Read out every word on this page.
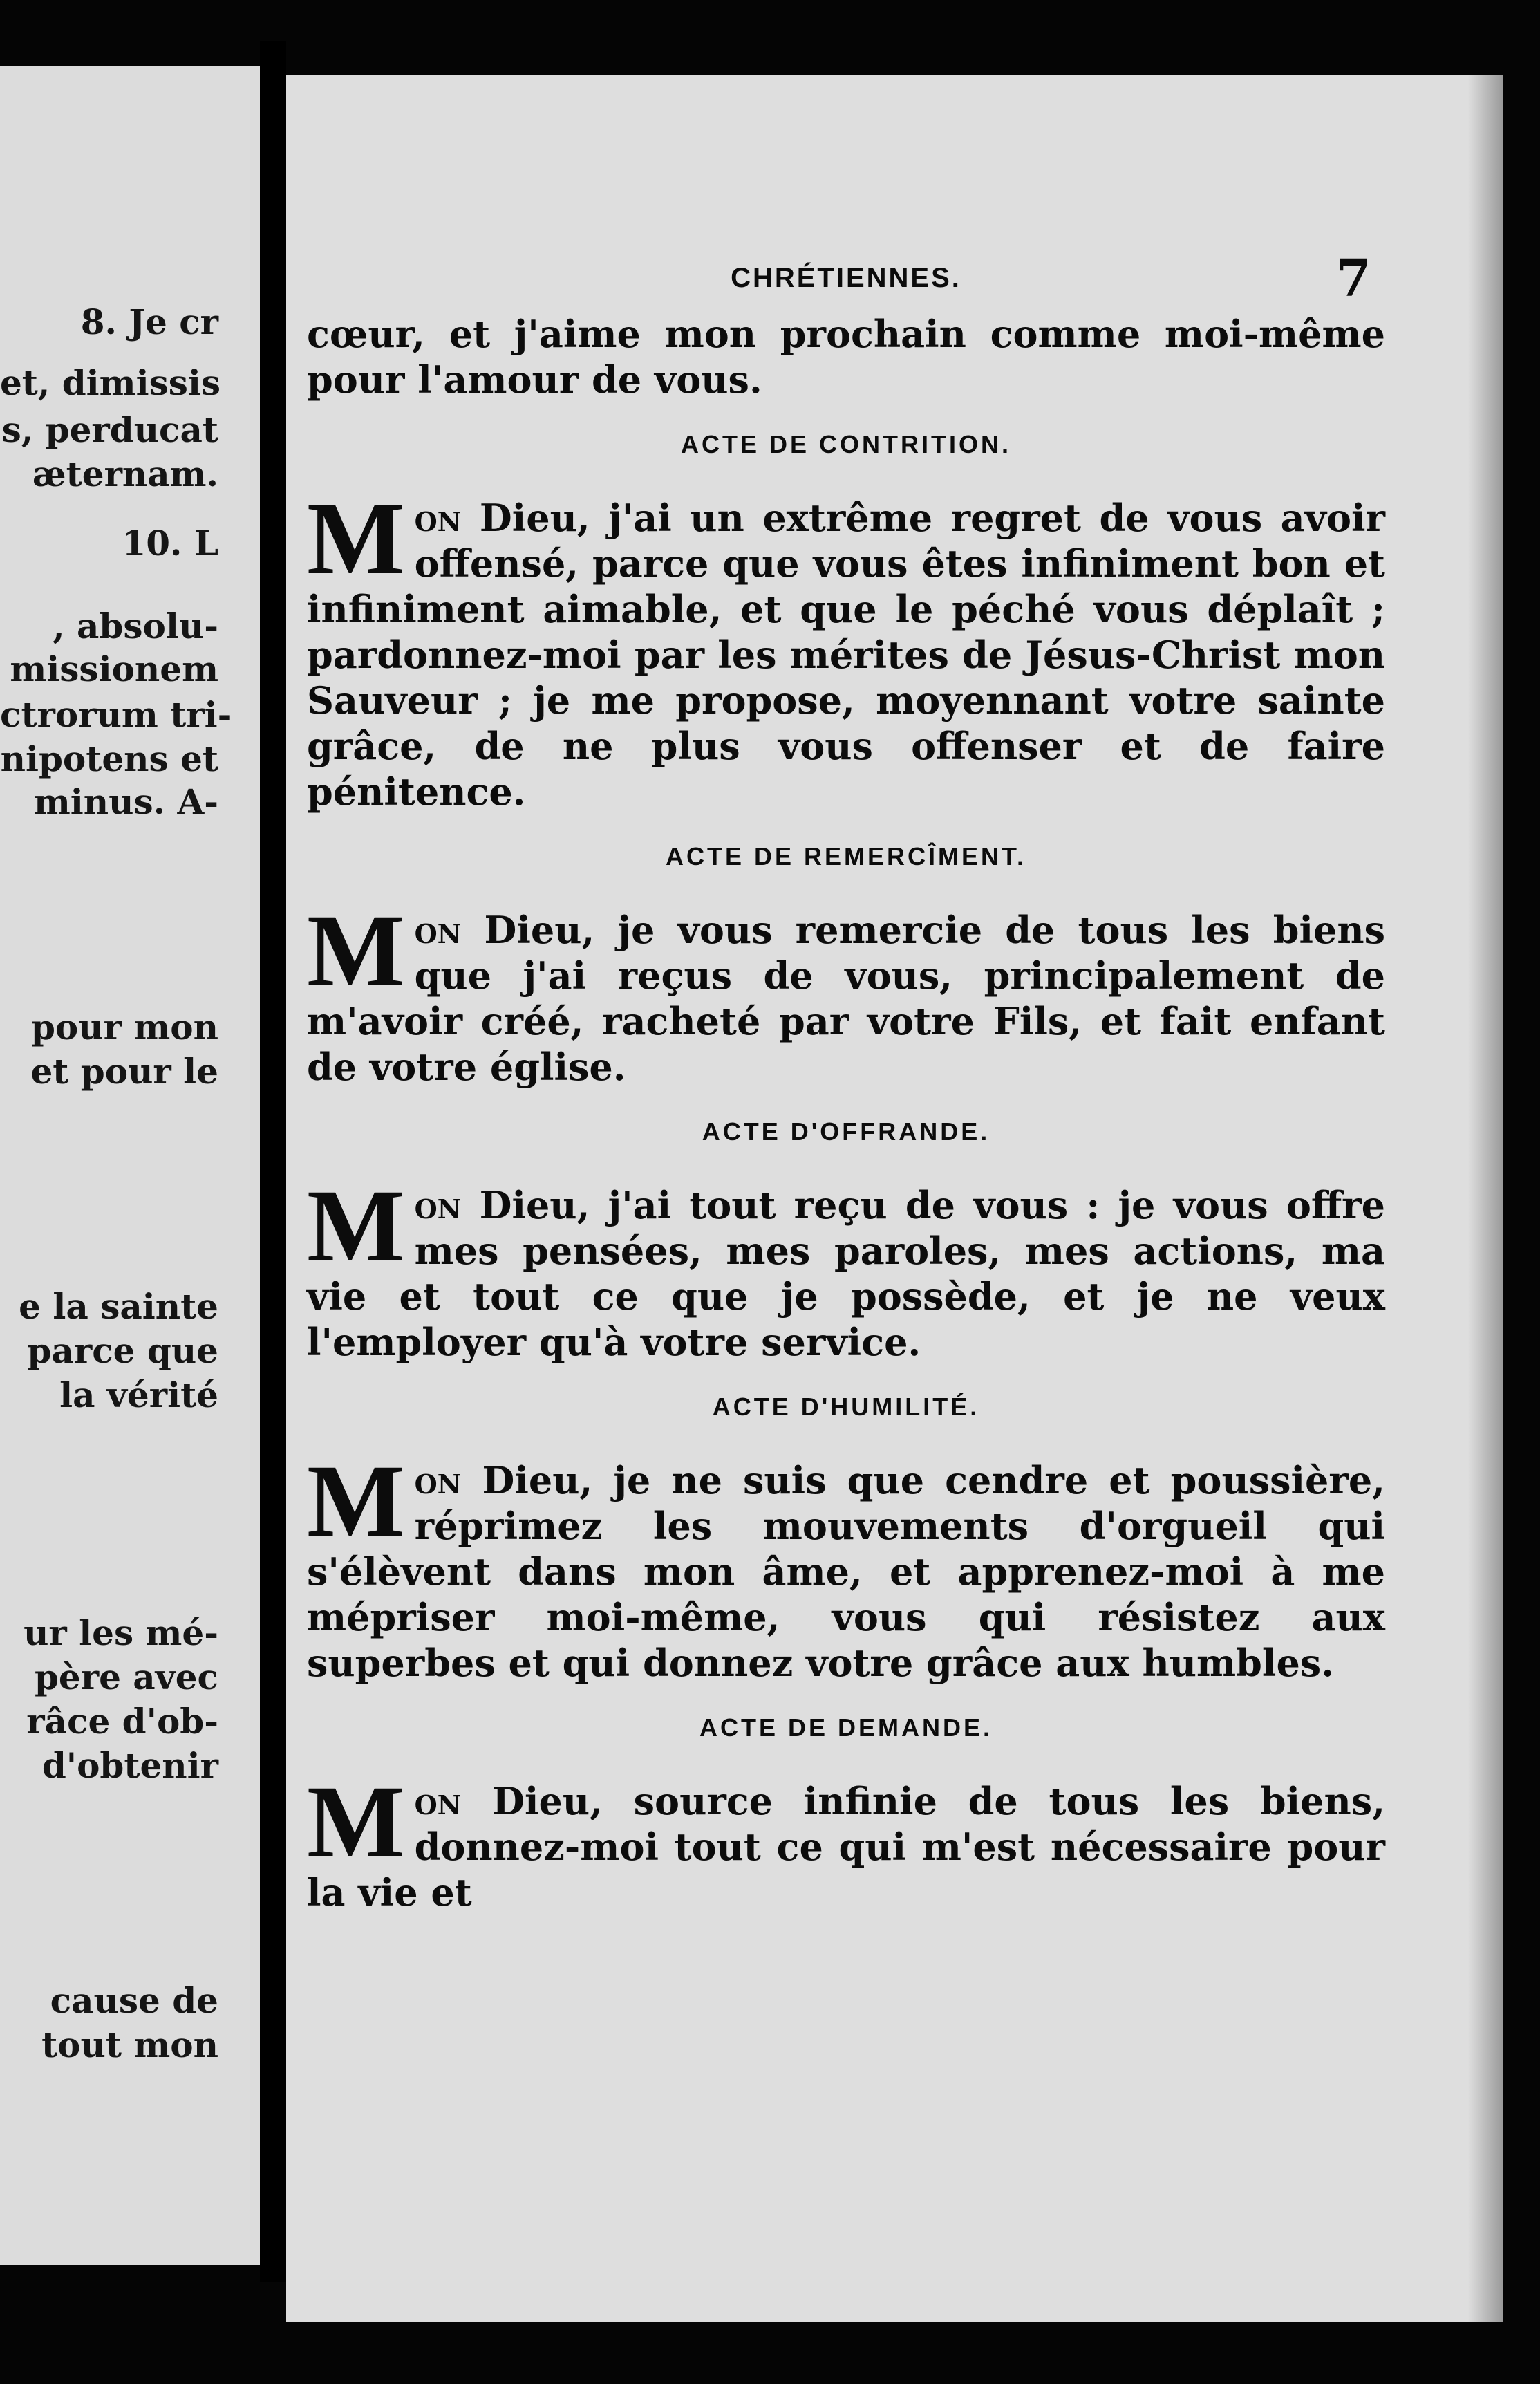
8. Je cr
et, dimissis
s, perducat
æternam.
10. L
, absolu-
missionem
ctrorum tri-
nipotens et
minus. A-
pour mon
et pour le
e la sainte
parce que
la vérité
ur les mé-
père avec
râce d'ob-
d'obtenir
cause de
tout mon
CHRÉTIENNES.	7
cœur, et j'aime mon prochain comme moi-même pour l'amour de vous.
ACTE DE CONTRITION.
Mon Dieu, j'ai un extrême regret de vous avoir offensé, parce que vous êtes infiniment bon et infiniment aimable, et que le péché vous déplaît ; pardonnez-moi par les mérites de Jésus-Christ mon Sauveur ; je me propose, moyennant votre sainte grâce, de ne plus vous offenser et de faire pénitence.
ACTE DE REMERCÎMENT.
Mon Dieu, je vous remercie de tous les biens que j'ai reçus de vous, principalement de m'avoir créé, racheté par votre Fils, et fait enfant de votre église.
ACTE D'OFFRANDE.
Mon Dieu, j'ai tout reçu de vous : je vous offre mes pensées, mes paroles, mes actions, ma vie et tout ce que je possède, et je ne veux l'employer qu'à votre service.
ACTE D'HUMILITÉ.
Mon Dieu, je ne suis que cendre et poussière, réprimez les mouvements d'orgueil qui s'élèvent dans mon âme, et apprenez-moi à me mépriser moi-même, vous qui résistez aux superbes et qui donnez votre grâce aux humbles.
ACTE DE DEMANDE.
Mon Dieu, source infinie de tous les biens, donnez-moi tout ce qui m'est nécessaire pour la vie et
